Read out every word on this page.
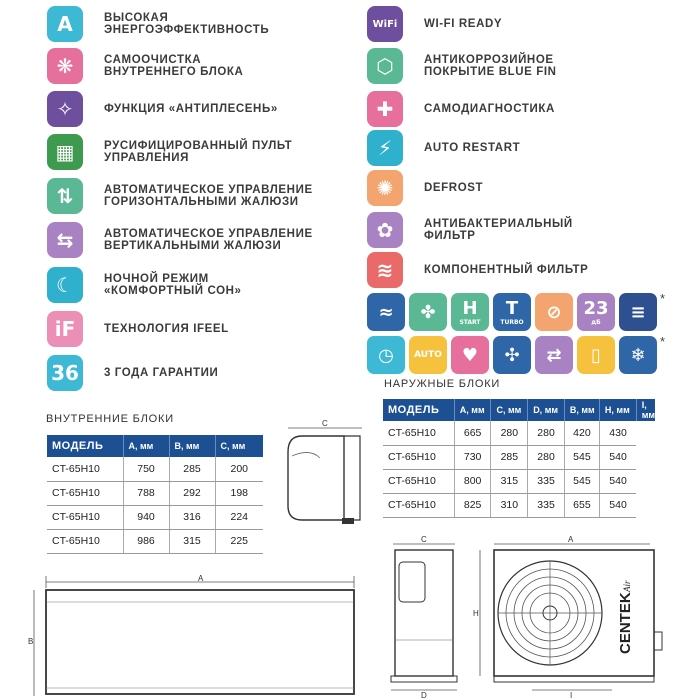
A	ВЫСОКАЯ
ЭНЕРГОЭФФЕКТИВНОСТЬ
❋	САМООЧИСТКА
ВНУТРЕННЕГО БЛОКА
✧	ФУНКЦИЯ «АНТИПЛЕСЕНЬ»
▦	РУСИФИЦИРОВАННЫЙ ПУЛЬТ
УПРАВЛЕНИЯ
⇅	АВТОМАТИЧЕСКОЕ УПРАВЛЕНИЕ
ГОРИЗОНТАЛЬНЫМИ ЖАЛЮЗИ
⇆	АВТОМАТИЧЕСКОЕ УПРАВЛЕНИЕ
ВЕРТИКАЛЬНЫМИ ЖАЛЮЗИ
☾	НОЧНОЙ РЕЖИМ
«КОМФОРТНЫЙ СОН»
iF	ТЕХНОЛОГИЯ IFEEL
36	3 ГОДА ГАРАНТИИ
WiFi	WI-FI READY
⬡	АНТИКОРРОЗИЙНОЕ
ПОКРЫТИЕ BLUE FIN
✚	САМОДИАГНОСТИКА
⚡	AUTO RESTART
✺	DEFROST
✿	АНТИБАКТЕРИАЛЬНЫЙ
ФИЛЬТР
≋	КОМПОНЕНТНЫЙ ФИЛЬТР
≈ ✤ H
START
T
TURBO ⊘ 23
дБ ≡
◷ AUTO ♥ ✣ ⇄ ▯ ❄
*
*
НАРУЖНЫЕ БЛОКИ
МОДЕЛЬ	А, мм	С, мм	D, мм	В, мм	Н, мм	I, мм
CT-65H10	665	280	280	420	430	
CT-65H10	730	285	280	545	540	
CT-65H10	800	315	335	545	540	
CT-65H10	825	310	335	655	540	
ВНУТРЕННИЕ БЛОКИ
МОДЕЛЬ	А, мм	В, мм	С, мм
CT-65H10	750	285	200
CT-65H10	788	292	198
CT-65H10	940	316	224
CT-65H10	986	315	225
C
A
B
C
D
A
H	CENTEK
Air
I
